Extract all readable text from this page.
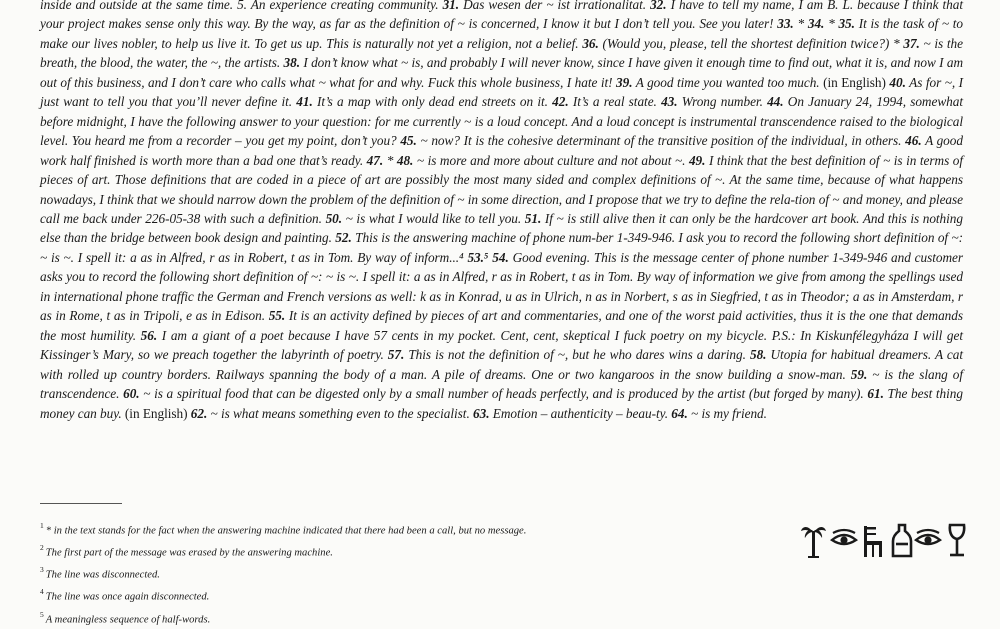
inside and outside at the same time. 5. An experience creating community. 31. Das wesen der ~ ist irrationalitat. 32. I have to tell my name, I am B. L. because I think that your project makes sense only this way. By the way, as far as the definition of ~ is concerned, I know it but I don’t tell you. See you later! 33. * 34. * 35. It is the task of ~ to make our lives nobler, to help us live it. To get us up. This is naturally not yet a religion, not a belief. 36. (Would you, please, tell the shortest definition twice?) * 37. ~ is the breath, the blood, the water, the ~, the artists. 38. I don’t know what ~ is, and probably I will never know, since I have given it enough time to find out, what it is, and now I am out of this business, and I don’t care who calls what ~ what for and why. Fuck this whole business, I hate it! 39. A good time you wanted too much. (in English) 40. As for ~, I just want to tell you that you’ll never define it. 41. It’s a map with only dead end streets on it. 42. It’s a real state. 43. Wrong number. 44. On January 24, 1994, somewhat before midnight, I have the following answer to your question: for me currently ~ is a loud concept. And a loud concept is instrumental transcendence raised to the biological level. You heard me from a recorder – you get my point, don’t you? 45. ~ now? It is the cohesive determinant of the transitive position of the individual, in others. 46. A good work half finished is worth more than a bad one that’s ready. 47. * 48. ~ is more and more about culture and not about ~. 49. I think that the best definition of ~ is in terms of pieces of art. Those definitions that are coded in a piece of art are possibly the most many sided and complex definitions of ~. At the same time, because of what happens nowadays, I think that we should narrow down the problem of the definition of ~ in some direction, and I propose that we try to define the rela-tion of ~ and money, and please call me back under 226-05-38 with such a definition. 50. ~ is what I would like to tell you. 51. If ~ is still alive then it can only be the hardcover art book. And this is nothing else than the bridge between book design and painting. 52. This is the answering machine of phone num-ber 1-349-946. I ask you to record the following short definition of ~: ~ is ~. I spell it: a as in Alfred, r as in Robert, t as in Tom. By way of inform...⁴ 53.⁵ 54. Good evening. This is the message center of phone number 1-349-946 and customer asks you to record the following short definition of ~: ~ is ~. I spell it: a as in Alfred, r as in Robert, t as in Tom. By way of information we give from among the spellings used in international phone traffic the German and French versions as well: k as in Konrad, u as in Ulrich, n as in Norbert, s as in Siegfried, t as in Theodor; a as in Amsterdam, r as in Rome, t as in Tripoli, e as in Edison. 55. It is an activity defined by pieces of art and commentaries, and one of the worst paid activities, thus it is the one that demands the most humility. 56. I am a giant of a poet because I have 57 cents in my pocket. Cent, cent, skeptical I fuck poetry on my bicycle. P.S.: In Kiskunfélegyháza I will get Kissinger’s Mary, so we preach together the labyrinth of poetry. 57. This is not the definition of ~, but he who dares wins a daring. 58. Utopia for habitual dreamers. A cat with rolled up country borders. Railways spanning the body of a man. A pile of dreams. One or two kangaroos in the snow building a snow-man. 59. ~ is the slang of transcendence. 60. ~ is a spiritual food that can be digested only by a small number of heads perfectly, and is produced by the artist (but forged by many). 61. The best thing money can buy. (in English) 62. ~ is what means something even to the specialist. 63. Emotion – authenticity – beau-ty. 64. ~ is my friend.

$^1$* in the text stands for the fact when the answering machine indicated that there had been a call, but no message.
$^2$The first part of the message was erased by the answering machine.
$^3$The line was disconnected.
$^4$The line was once again disconnected.
$^5$A meaningless sequence of half-words.
